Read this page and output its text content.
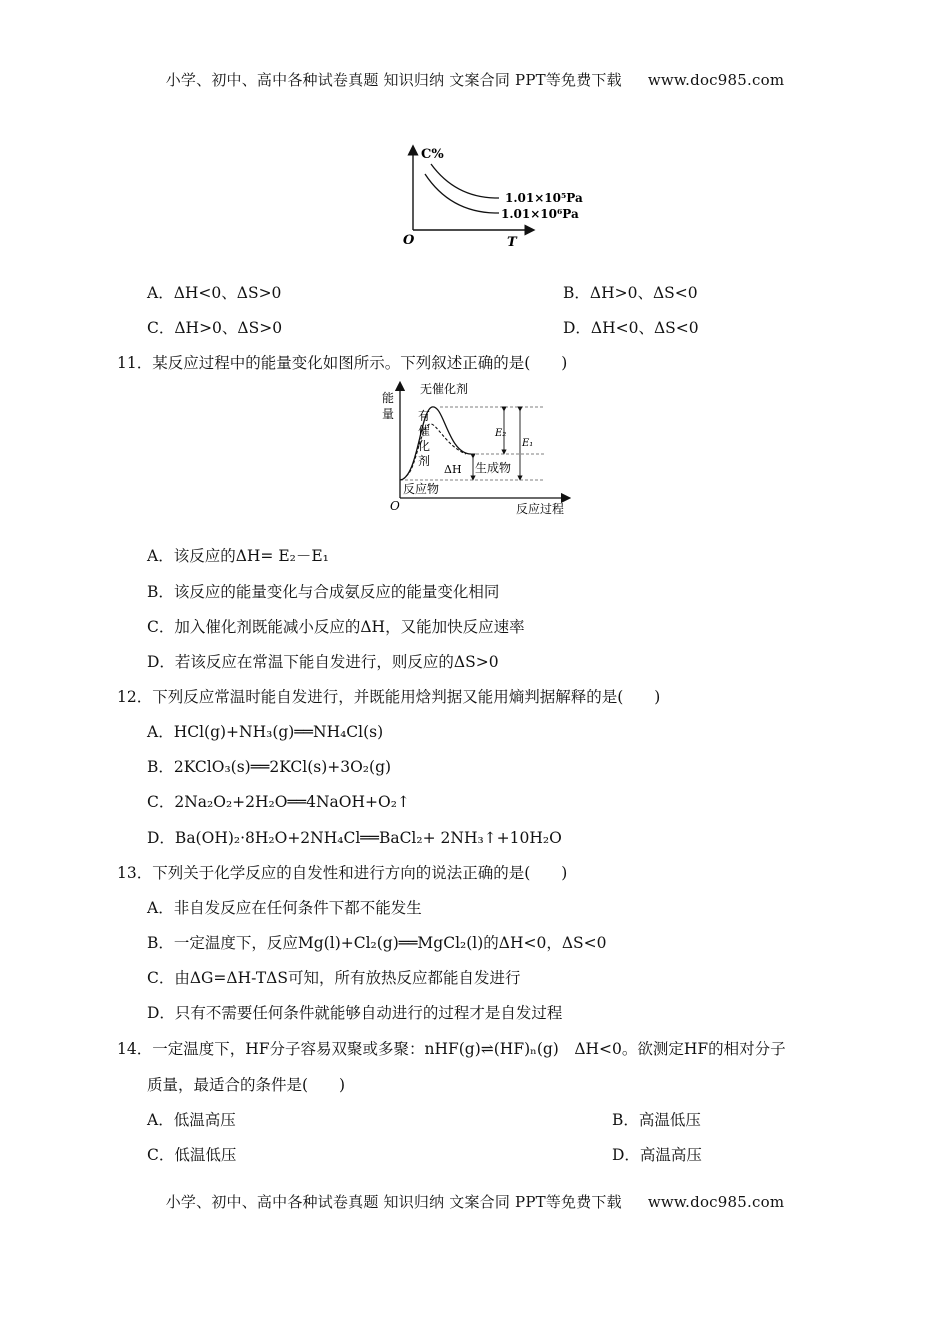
小学、初中、高中各种试卷真题 知识归纳 文案合同 PPT等免费下载 www.doc985.com
C%
1.01×10⁵Pa
1.01×10⁶Pa
O	T
A．ΔH<0、ΔS>0	B．ΔH>0、ΔS<0
C．ΔH>0、ΔS>0	D．ΔH<0、ΔS<0
11．某反应过程中的能量变化如图所示。下列叙述正确的是(　　)
能
量
无催化剂
有
催
化
剂
E₂
E₁
ΔH 生成物
反应物
O	反应过程
A．该反应的ΔH= E₂－E₁
B．该反应的能量变化与合成氨反应的能量变化相同
C．加入催化剂既能减小反应的ΔH，又能加快反应速率
D．若该反应在常温下能自发进行，则反应的ΔS>0
12．下列反应常温时能自发进行，并既能用焓判据又能用熵判据解释的是(　　)
A．HCl(g)+NH₃(g)══NH₄Cl(s)
B．2KClO₃(s)══2KCl(s)+3O₂(g)
C．2Na₂O₂+2H₂O══4NaOH+O₂↑
D．Ba(OH)₂·8H₂O+2NH₄Cl══BaCl₂+ 2NH₃↑+10H₂O
13．下列关于化学反应的自发性和进行方向的说法正确的是(　　)
A．非自发反应在任何条件下都不能发生
B．一定温度下，反应Mg(l)+Cl₂(g)══MgCl₂(l)的ΔH<0，ΔS<0
C．由ΔG=ΔH-TΔS可知，所有放热反应都能自发进行
D．只有不需要任何条件就能够自动进行的过程才是自发过程
14．一定温度下，HF分子容易双聚或多聚：nHF(g)⇌(HF)ₙ(g)　ΔH<0。欲测定HF的相对分子
质量，最适合的条件是(　　)
A．低温高压	B．高温低压
C．低温低压	D．高温高压
小学、初中、高中各种试卷真题 知识归纳 文案合同 PPT等免费下载 www.doc985.com
